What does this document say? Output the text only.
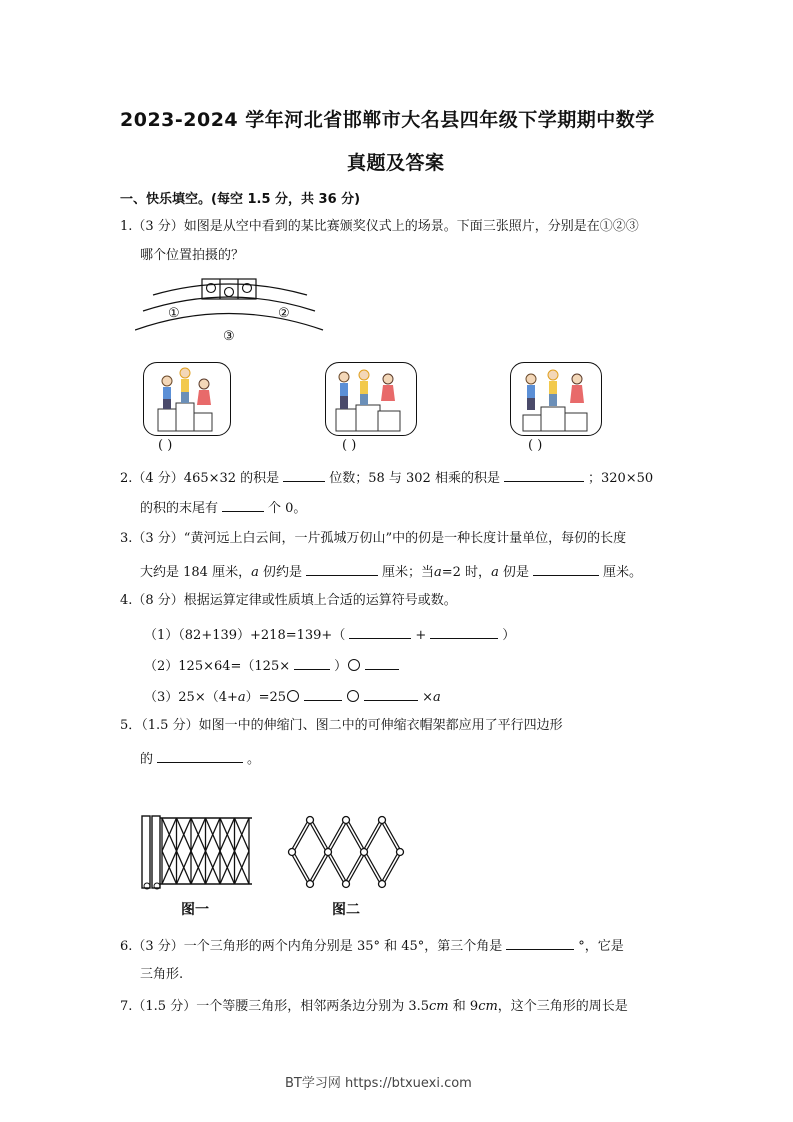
2023-2024 学年河北省邯郸市大名县四年级下学期期中数学
真题及答案
一、快乐填空。(每空 1.5 分，共 36 分)
1.（3 分）如图是从空中看到的某比赛颁奖仪式上的场景。下面三张照片，分别是在①②③
哪个位置拍摄的？
①	②
③
( )	( )	( )
2.（4 分）465×32 的积是	位数；58 与 302 相乘的积是	；320×50
的积的末尾有	个 0。
3.（3 分）“黄河远上白云间，一片孤城万仞山”中的仞是一种长度计量单位，每仞的长度
大约是 184 厘米，a 仞约是	厘米；当a=2 时，a 仞是	厘米。
4.（8 分）根据运算定律或性质填上合适的运算符号或数。
（1）（82+139）+218=139+（	+	）
（2）125×64=（125×	）
（3）25×（4+a）=25	×a
5．（1.5 分）如图一中的伸缩门、图二中的可伸缩衣帽架都应用了平行四边形
的	。
图一	图二
6.（3 分）一个三角形的两个内角分别是 35° 和 45°，第三个角是	°，它是
三角形.
7.（1.5 分）一个等腰三角形，相邻两条边分别为 3.5cm 和 9cm，这个三角形的周长是
BT学习网 https://btxuexi.com
